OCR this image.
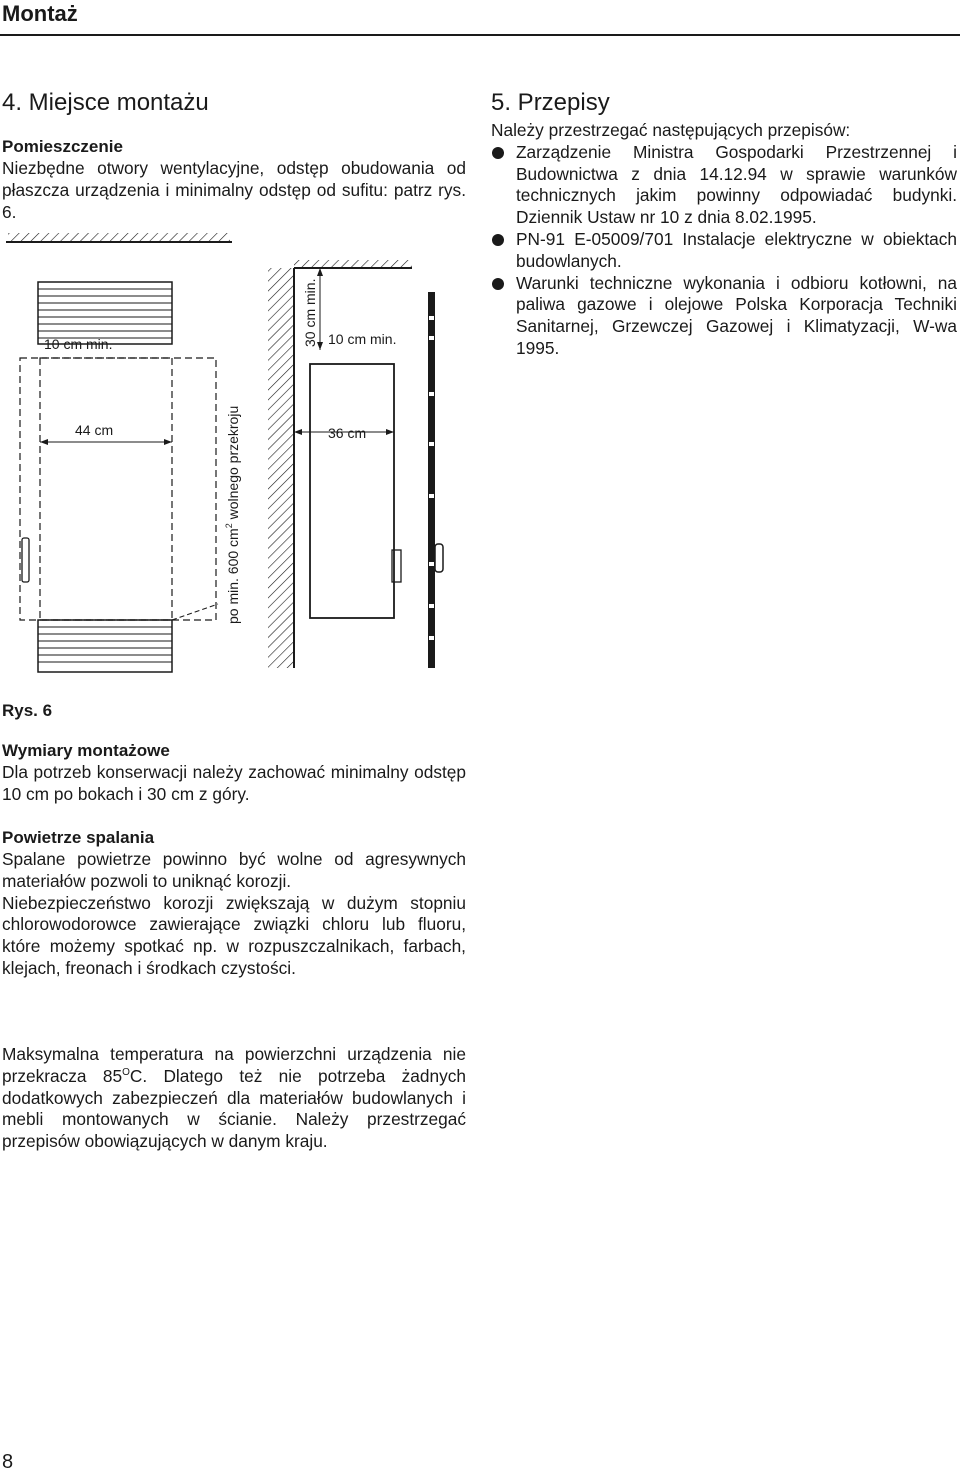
Montaż
4. Miejsce montażu
Pomieszczenie

Niezbędne otwory wentylacyjne, odstęp obudowania od płaszcza urządzenia i minimalny odstęp od sufitu: patrz rys. 6.

5. Przepisy

Należy przestrzegać następujących przepisów:

Zarządzenie Ministra Gospodarki Przestrzennej i Budownictwa z dnia 14.12.94 w sprawie warunków technicznych jakim powinny odpowiadać budynki. Dziennik Ustaw nr 10 z dnia 8.02.1995.
PN-91 E-05009/701 Instalacje elektryczne w obiektach budowlanych.
Warunki techniczne wykonania i odbioru kotłowni, na paliwa gazowe i olejowe Polska Korporacja Techniki Sanitarnej, Grzewczej Gazowej i Klimatyzacji, W-wa 1995.
10 cm min.
44 cm
po min. 600 $cm^2$ wolnego przekroju
30 cm min. 10 cm min.
36 cm
Rys. 6
Wymiary montażowe

Dla potrzeb konserwacji należy zachować minimalny odstęp 10 cm po bokach i 30 cm z góry.

Powietrze spalania

Spalane powietrze powinno być wolne od agresywnych materiałów pozwoli to uniknąć korozji.

Niebezpieczeństwo korozji zwiększają w dużym stopniu chlorowodorowce zawierające związki chloru lub fluoru, które możemy spotkać np. w rozpuszczalnikach, farbach, klejach, freonach i środkach czystości.

Maksymalna temperatura na powierzchni urządzenia nie przekracza $85^OC$. Dlatego też nie potrzeba żadnych dodatkowych zabezpieczeń dla materiałów budowlanych i mebli montowanych w ścianie. Należy przestrzegać przepisów obowiązujących w danym kraju.

8
